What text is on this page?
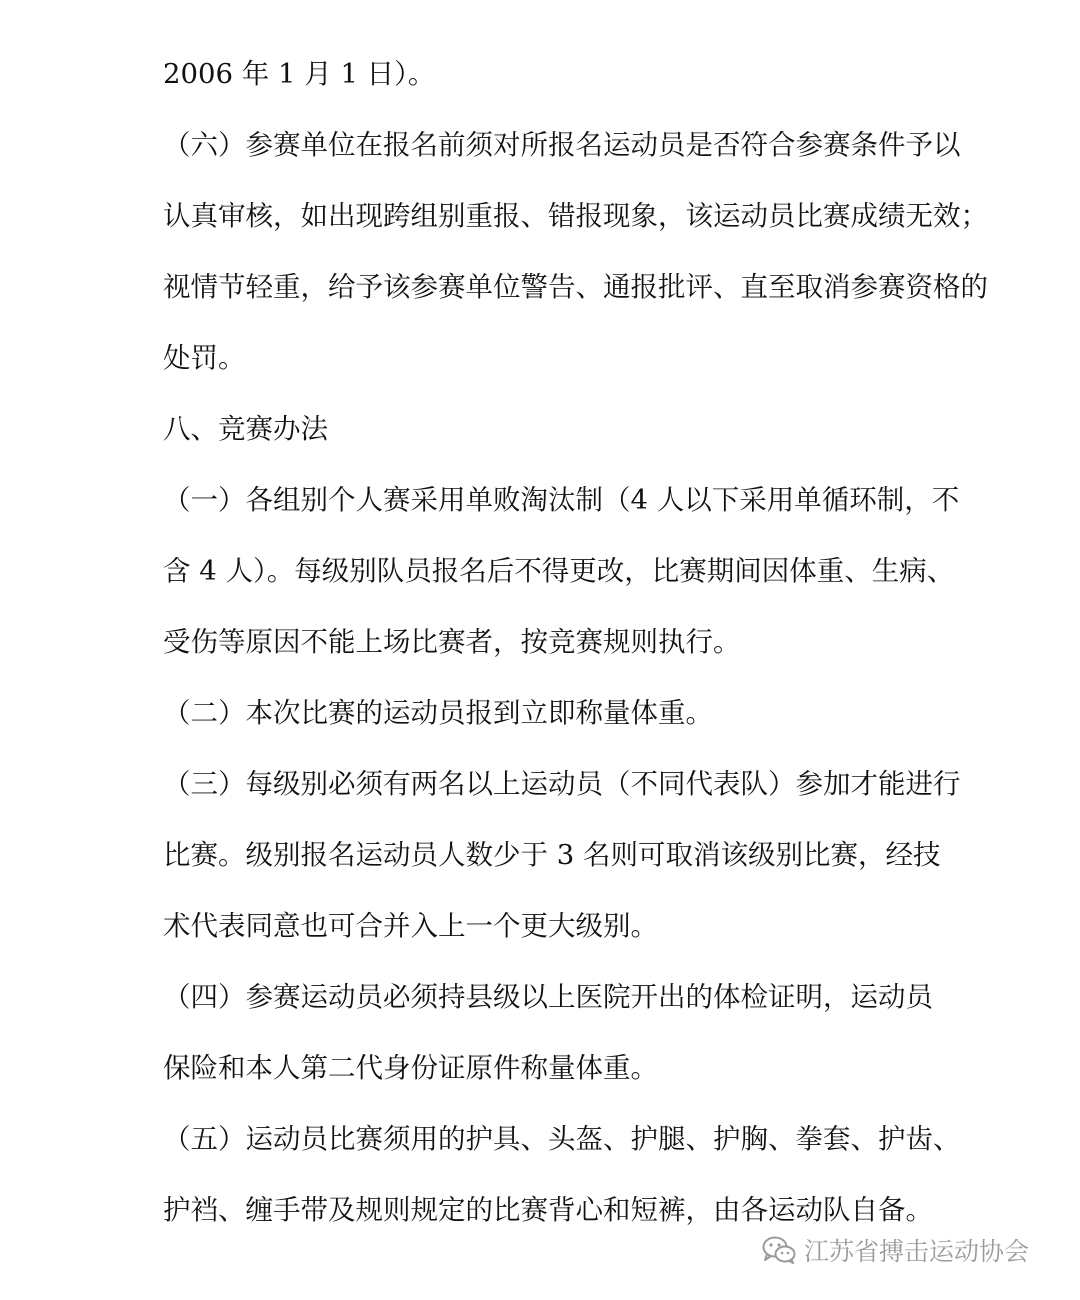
2006 年 1 月 1 日）。
（六）参赛单位在报名前须对所报名运动员是否符合参赛条件予以
认真审核，如出现跨组别重报、错报现象，该运动员比赛成绩无效；
视情节轻重，给予该参赛单位警告、通报批评、直至取消参赛资格的
处罚。
八、竞赛办法
（一）各组别个人赛采用单败淘汰制（4 人以下采用单循环制，不
含 4 人）。每级别队员报名后不得更改，比赛期间因体重、生病、
受伤等原因不能上场比赛者，按竞赛规则执行。
（二）本次比赛的运动员报到立即称量体重。
（三）每级别必须有两名以上运动员（不同代表队）参加才能进行
比赛。级别报名运动员人数少于 3 名则可取消该级别比赛，经技
术代表同意也可合并入上一个更大级别。
（四）参赛运动员必须持县级以上医院开出的体检证明，运动员
保险和本人第二代身份证原件称量体重。
（五）运动员比赛须用的护具、头盔、护腿、护胸、拳套、护齿、
护裆、缠手带及规则规定的比赛背心和短裤，由各运动队自备。
江苏省搏击运动协会
